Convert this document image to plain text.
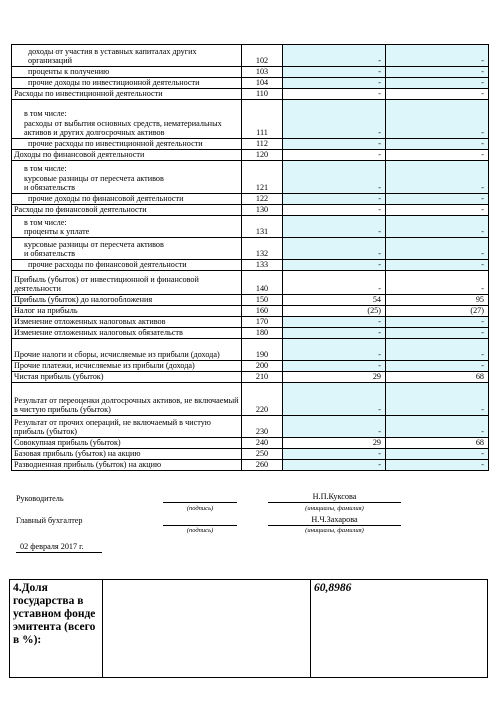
доходы от участия в уставных капиталах других организаций	102	-	-
проценты к получению	103	-	-
прочие доходы по инвестиционной деятельности	104	-	-
Расходы по инвестиционной деятельности	110	-	-
в том числе:
расходы от выбытия основных средств, нематериальных
активов и других долгосрочных активов	111	-	-
прочие расходы по инвестиционной деятельности	112	-	-
Доходы по финансовой деятельности	120	-	-
в том числе:
курсовые разницы от пересчета активов
и обязательств	121	-	-
прочие доходы по финансовой деятельности	122	-	-
Расходы по финансовой деятельности	130	-	-
в том числе:
проценты к уплате	131	-	-
курсовые разницы от пересчета активов
и обязательств	132	-	-
прочие расходы по финансовой деятельности	133	-	-
Прибыль (убыток) от инвестиционной и финансовой деятельности	140	-	-
Прибыль (убыток) до налогообложения	150	54	95
Налог на прибыль	160	(25)	(27)
Изменение отложенных налоговых активов	170	-	-
Изменение отложенных налоговых обязательств	180	-	-
Прочие налоги и сборы, исчисляемые из прибыли (дохода)	190	-	-
Прочие платежи, исчисляемые из прибыли (дохода)	200	-	-
Чистая прибыль (убыток)	210	29	68
Результат от переоценки долгосрочных активов, не включаемый в чистую прибыль (убыток)	220	-	-
Результат от прочих операций, не включаемый в чистую прибыль (убыток)	230	-	-
Совокупная прибыль (убыток)	240	29	68
Базовая прибыль (убыток) на акцию	250	-	-
Разводненная прибыль (убыток) на акцию	260	-	-
Руководитель	Н.П.Куксова
(подпись)	(инициалы, фамилия)
Главный бухгалтер	Н.Ч.Захарова
(подпись)	(инициалы, фамилия)
02 февраля 2017 г.
4.Доля государства в уставном фонде эмитента (всего в %):		60,8986
